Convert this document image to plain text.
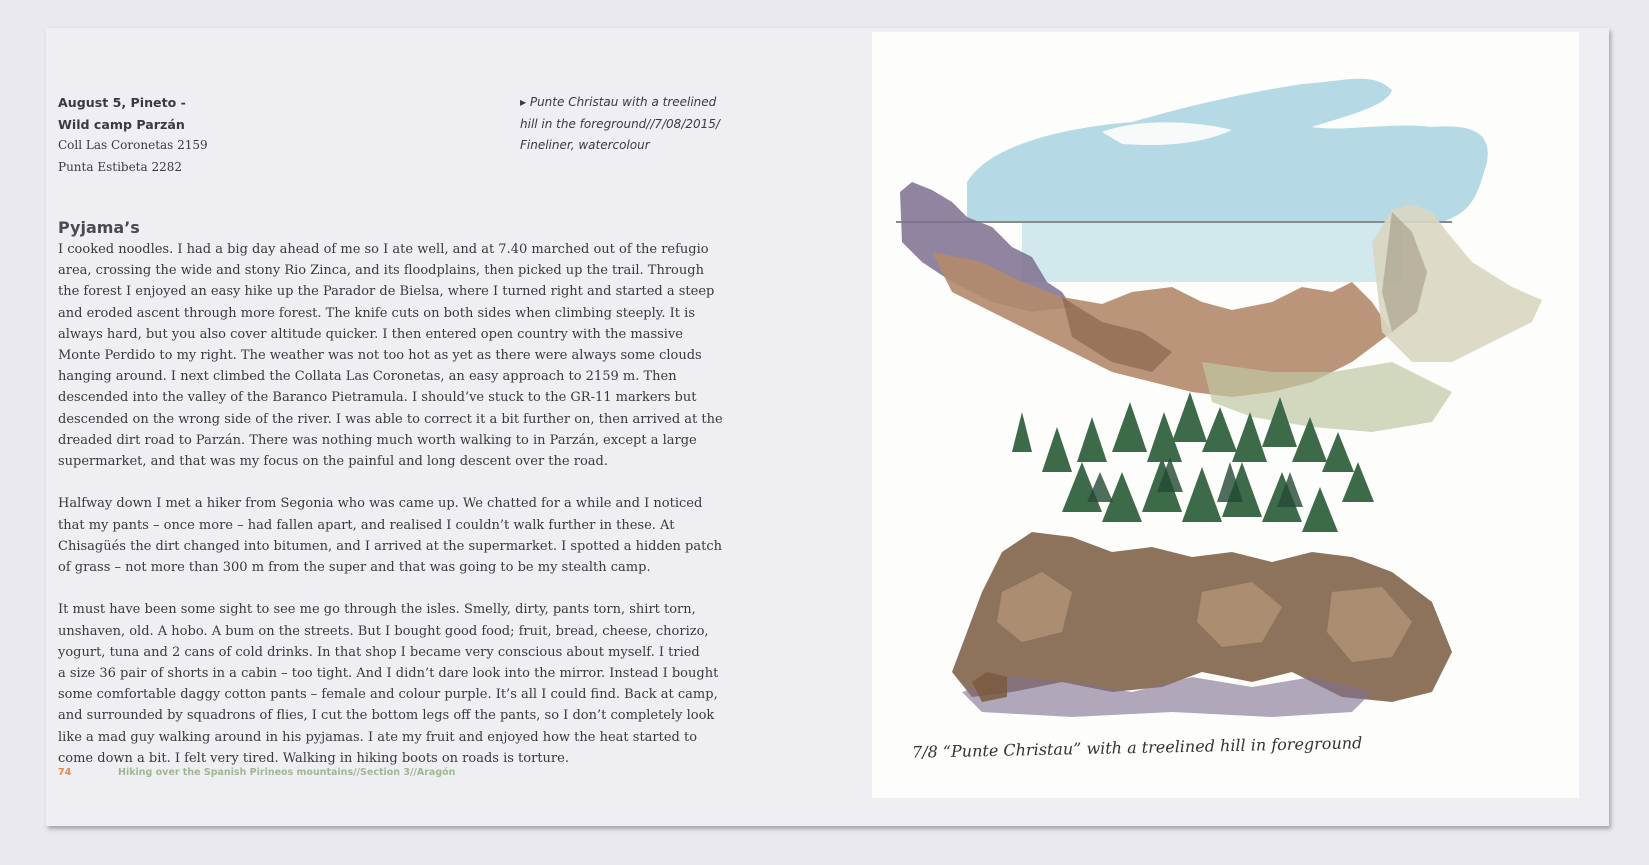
August 5, Pineto -
Wild camp Parzán
Coll Las Coronetas 2159
Punta Estibeta 2282
▸ Punte Christau with a treelined
hill in the foreground//7/08/2015/
Fineliner, watercolour
Pyjama’s

I cooked noodles. I had a big day ahead of me so I ate well, and at 7.40 marched out of the refugio
area, crossing the wide and stony Rio Zinca, and its floodplains, then picked up the trail. Through
the forest I enjoyed an easy hike up the Parador de Bielsa, where I turned right and started a steep
and eroded ascent through more forest. The knife cuts on both sides when climbing steeply. It is
always hard, but you also cover altitude quicker. I then entered open country with the massive
Monte Perdido to my right. The weather was not too hot as yet as there were always some clouds
hanging around. I next climbed the Collata Las Coronetas, an easy approach to 2159 m. Then
descended into the valley of the Baranco Pietramula. I should’ve stuck to the GR-11 markers but
descended on the wrong side of the river. I was able to correct it a bit further on, then arrived at the
dreaded dirt road to Parzán. There was nothing much worth walking to in Parzán, except a large
supermarket, and that was my focus on the painful and long descent over the road.

Halfway down I met a hiker from Segonia who was came up. We chatted for a while and I noticed
that my pants – once more – had fallen apart, and realised I couldn’t walk further in these. At
Chisagüés the dirt changed into bitumen, and I arrived at the supermarket. I spotted a hidden patch
of grass – not more than 300 m from the super and that was going to be my stealth camp.

It must have been some sight to see me go through the isles. Smelly, dirty, pants torn, shirt torn,
unshaven, old. A hobo. A bum on the streets. But I bought good food; fruit, bread, cheese, chorizo,
yogurt, tuna and 2 cans of cold drinks. In that shop I became very conscious about myself. I tried
a size 36 pair of shorts in a cabin – too tight. And I didn’t dare look into the mirror. Instead I bought
some comfortable daggy cotton pants – female and colour purple. It’s all I could find. Back at camp,
and surrounded by squadrons of flies, I cut the bottom legs off the pants, so I don’t completely look
like a mad guy walking around in his pyjamas. I ate my fruit and enjoyed how the heat started to
come down a bit. I felt very tired. Walking in hiking boots on roads is torture.

74	Hiking over the Spanish Pirineos mountains//Section 3//Aragón
7/8 “Punte Christau” with a treelined hill in foreground
